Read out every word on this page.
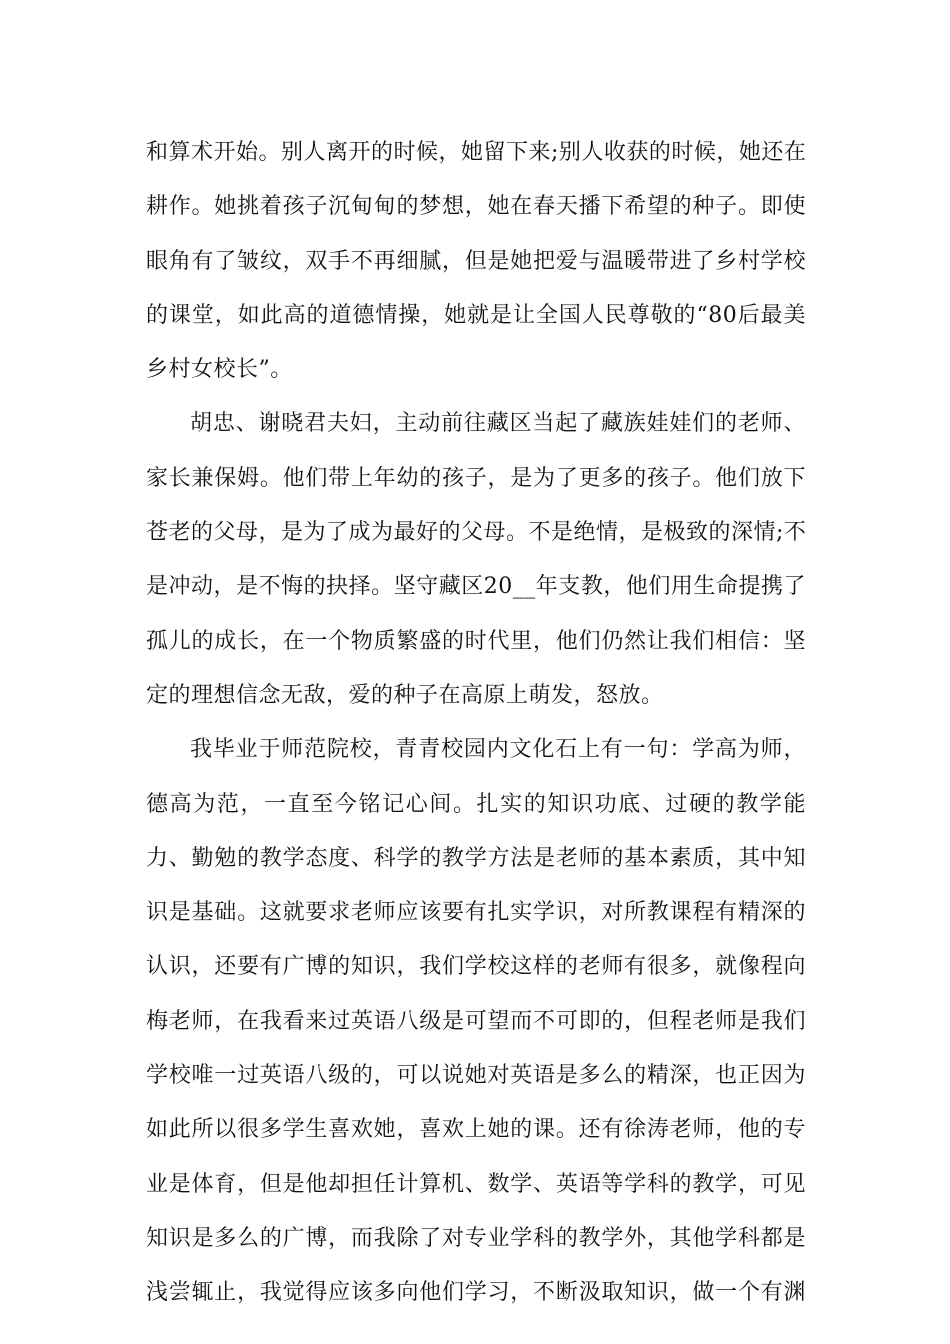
和算术开始。别人离开的时候，她留下来;别人收获的时候，她还在
耕作。她挑着孩子沉甸甸的梦想，她在春天播下希望的种子。即使
眼角有了皱纹，双手不再细腻，但是她把爱与温暖带进了乡村学校
的课堂，如此高的道德情操，她就是让全国人民尊敬的“80后最美
乡村女校长”。
胡忠、谢晓君夫妇，主动前往藏区当起了藏族娃娃们的老师、
家长兼保姆。他们带上年幼的孩子，是为了更多的孩子。他们放下
苍老的父母，是为了成为最好的父母。不是绝情，是极致的深情;不
是冲动，是不悔的抉择。坚守藏区20__年支教，他们用生命提携了
孤儿的成长，在一个物质繁盛的时代里，他们仍然让我们相信：坚
定的理想信念无敌，爱的种子在高原上萌发，怒放。
我毕业于师范院校，青青校园内文化石上有一句：学高为师，
德高为范，一直至今铭记心间。扎实的知识功底、过硬的教学能
力、勤勉的教学态度、科学的教学方法是老师的基本素质，其中知
识是基础。这就要求老师应该要有扎实学识，对所教课程有精深的
认识，还要有广博的知识，我们学校这样的老师有很多，就像程向
梅老师，在我看来过英语八级是可望而不可即的，但程老师是我们
学校唯一过英语八级的，可以说她对英语是多么的精深，也正因为
如此所以很多学生喜欢她，喜欢上她的课。还有徐涛老师，他的专
业是体育，但是他却担任计算机、数学、英语等学科的教学，可见
知识是多么的广博，而我除了对专业学科的教学外，其他学科都是
浅尝辄止，我觉得应该多向他们学习，不断汲取知识，做一个有渊
